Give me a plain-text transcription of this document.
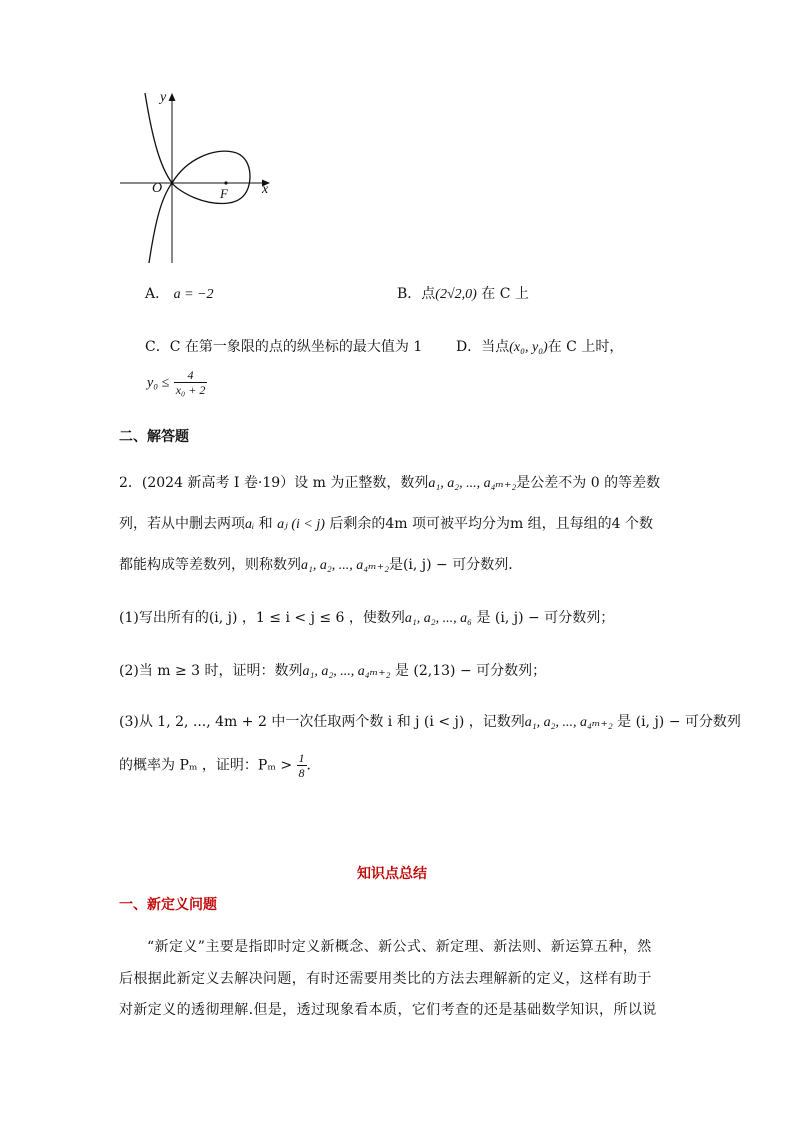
y
x
O	F
A． a = −2	B．点(2√2,0) 在 C 上
C．C 在第一象限的点的纵坐标的最大值为 1 D．当点(x₀, y₀)在 C 上时，
$y_0 \le \frac{4}{\text{x₀ + 2}}$
二、解答题
2．(2024 新高考 I 卷·19）设 m 为正整数，数列a₁, a₂, ..., a₄ₘ₊₂是公差不为 0 的等差数
列，若从中删去两项aᵢ 和 aⱼ (i < j) 后剩余的4m 项可被平均分为m 组，且每组的4 个数
都能构成等差数列，则称数列a₁, a₂, ..., a₄ₘ₊₂是(i, j) − 可分数列．
(1)写出所有的(i, j) ，1 ≤ i < j ≤ 6 ，使数列a₁, a₂, ..., a₆ 是 (i, j) − 可分数列；
(2)当 m ≥ 3 时，证明：数列a₁, a₂, ..., a₄ₘ₊₂ 是 (2,13) − 可分数列；
(3)从 1, 2, ..., 4m + 2 中一次任取两个数 i 和 j (i < j) ，记数列a₁, a₂, ..., a₄ₘ₊₂ 是 (i, j) − 可分数列
的概率为 Pₘ ，证明：$P_m > \frac{1}{8}$ ．
知识点总结
一、新定义问题
“新定义”主要是指即时定义新概念、新公式、新定理、新法则、新运算五种，然
后根据此新定义去解决问题，有时还需要用类比的方法去理解新的定义，这样有助于
对新定义的透彻理解.但是，透过现象看本质，它们考查的还是基础数学知识，所以说
